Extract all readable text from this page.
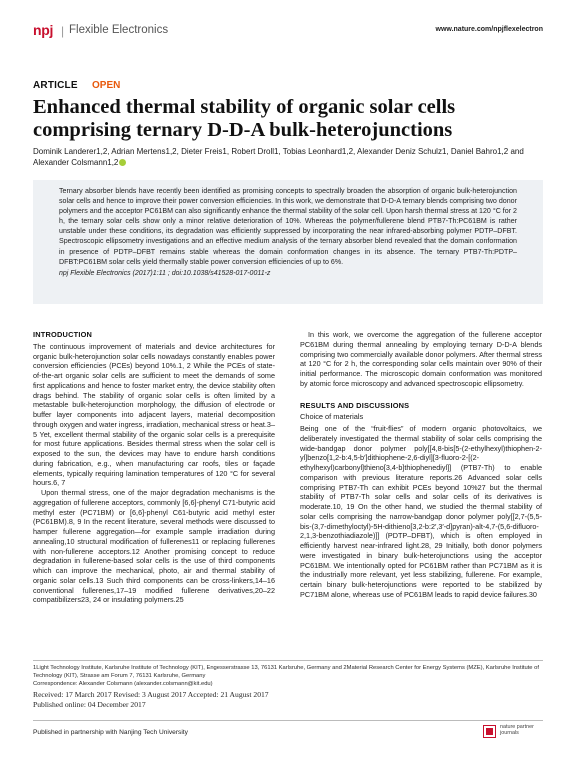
npj | Flexible Electronics	www.nature.com/npjflexelectron
ARTICLE OPEN
Enhanced thermal stability of organic solar cells comprising ternary D-D-A bulk-heterojunctions
Dominik Landerer1,2, Adrian Mertens1,2, Dieter Freis1, Robert Droll1, Tobias Leonhard1,2, Alexander Deniz Schulz1, Daniel Bahro1,2 and
Alexander Colsmann1,2

Ternary absorber blends have recently been identified as promising concepts to spectrally broaden the absorption of organic bulk-heterojunction solar cells and hence to improve their power conversion efficiencies. In this work, we demonstrate that D-D-A ternary blends comprising two donor polymers and the acceptor PC61BM can also significantly enhance the thermal stability of the solar cell. Upon harsh thermal stress at 120 °C for 2 h, the ternary solar cells show only a minor relative deterioration of 10%. Whereas the polymer/fullerene blend PTB7-Th:PC61BM is rather unstable under these conditions, its degradation was efficiently suppressed by incorporating the near infrared-absorbing polymer PDTP–DFBT. Spectroscopic ellipsometry investigations and an effective medium analysis of the ternary absorber blend revealed that the domain conformation in presence of PDTP–DFBT remains stable whereas the domain conformation changes in its absence. The ternary PTB7-Th:PDTP–DFBT:PC61BM solar cells yield thermally stable power conversion efficiencies of up to 6%.

npj Flexible Electronics (2017)1:11 ; doi:10.1038/s41528-017-0011-z

INTRODUCTION

The continuous improvement of materials and device architectures for organic bulk-heterojunction solar cells nowadays constantly enables power conversion efficiencies (PCEs) beyond 10%.1, 2 While the PCEs of state-of-the-art organic solar cells are sufficient to meet the demands of some first applications and hence to foster market entry, the device stability often drags behind. The stability of organic solar cells is often limited by a metastable bulk-heterojunction morphology, the diffusion of electrode or buffer layer components into adjacent layers, material decomposition through oxygen and water ingress, irradiation, mechanical stress or heat.3–5 Yet, excellent thermal stability of the organic solar cells is a prerequisite for most future applications. Besides thermal stress when the solar cell is exposed to the sun, the devices may have to endure harsh conditions during fabrication, e.g., when manufacturing car roofs, tiles or façade elements, typically requiring lamination temperatures of 120 °C for several hours.6, 7

Upon thermal stress, one of the major degradation mechanisms is the aggregation of fullerene acceptors, commonly [6,6]-phenyl C71-butyric acid methyl ester (PC71BM) or [6,6]-phenyl C61-butyric acid methyl ester (PC61BM).8, 9 In the recent literature, several methods were discussed to hamper fullerene aggregation—for example sample irradiation during annealing,10 structural modification of fullerenes11 or replacing fullerenes with non-fullerene acceptors.12 Another promising concept to reduce degradation in fullerene-based solar cells is the use of third components which can improve the mechanical, photo, air and thermal stability of organic solar cells.13 Such third components can be cross-linkers,14–16 conventional fullerenes,17–19 modified fullerene derivatives,20–22 compatibilizers23, 24 or insulating polymers.25

In this work, we overcome the aggregation of the fullerene acceptor PC61BM during thermal annealing by employing ternary D-D-A blends comprising two commercially available donor polymers. After thermal stress at 120 °C for 2 h, the corresponding solar cells maintain over 90% of their initial performance. The microscopic domain conformation was monitored by atomic force microscopy and advanced spectroscopic ellipsometry.

RESULTS AND DISCUSSIONS
Choice of materials

Being one of the “fruit-flies” of modern organic photovoltaics, we deliberately investigated the thermal stability of solar cells comprising the wide-bandgap donor polymer poly[[4,8-bis[5-(2-ethylhexyl)thiophen-2-yl]benzo[1,2-b:4,5-b′]dithiophene-2,6-diyl][3-fluoro-2-[(2-ethylhexyl)carbonyl]thieno[3,4-b]thiophenediyl]] (PTB7-Th) to enable comparison with previous literature reports.26 Advanced solar cells comprising PTB7-Th can exhibit PCEs beyond 10%27 but the thermal stability of PTB7-Th solar cells and solar cells of its derivatives is moderate.10, 19 On the other hand, we studied the thermal stability of solar cells comprising the narrow-bandgap donor polymer poly[[2,7-(5,5-bis-(3,7-dimethyloctyl)-5H-dithieno[3,2-b:2′,3′-d]pyran)-alt-4,7-(5,6-difluoro-2,1,3-benzothiadiazole)]] (PDTP–DFBT), which is often employed in efficiently harvest near-infrared light.28, 29 Initially, both donor polymers were investigated in binary bulk-heterojunctions using the acceptor PC61BM. We intentionally opted for PC61BM rather than PC71BM as it is the industrially more relevant, yet less stabilizing, fullerene. For example, certain binary bulk-heterojunctions were reported to be stabilized by PC71BM alone, whereas use of PC61BM leads to rapid device failures.30

1Light Technology Institute, Karlsruhe Institute of Technology (KIT), Engesserstrasse 13, 76131 Karlsruhe, Germany and 2Material Research Center for Energy Systems (MZE), Karlsruhe Institute of Technology (KIT), Strasse am Forum 7, 76131 Karlsruhe, Germany
Correspondence: Alexander Colsmann (alexander.colsmann@kit.edu)
Received: 17 March 2017 Revised: 3 August 2017 Accepted: 21 August 2017
Published online: 04 December 2017
Published in partnership with Nanjing Tech University
nature partner
journals
